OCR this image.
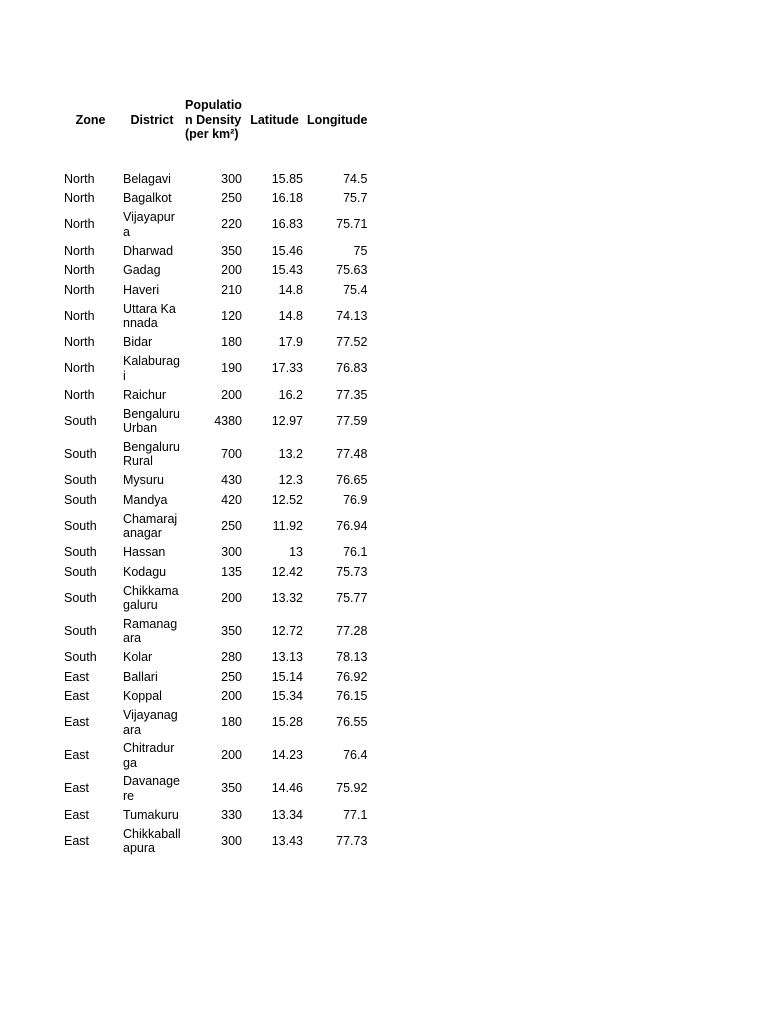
Zone	District	Population Density (per km²)	Latitude	Longitude

North	Belagavi	300	15.85	74.5
North	Bagalkot	250	16.18	75.7
North	Vijayapura	220	16.83	75.71
North	Dharwad	350	15.46	75
North	Gadag	200	15.43	75.63
North	Haveri	210	14.8	75.4
North	Uttara Kannada	120	14.8	74.13
North	Bidar	180	17.9	77.52
North	Kalaburagi	190	17.33	76.83
North	Raichur	200	16.2	77.35
South	Bengaluru Urban	4380	12.97	77.59
South	Bengaluru Rural	700	13.2	77.48
South	Mysuru	430	12.3	76.65
South	Mandya	420	12.52	76.9
South	Chamarajanagar	250	11.92	76.94
South	Hassan	300	13	76.1
South	Kodagu	135	12.42	75.73
South	Chikkamagaluru	200	13.32	75.77
South	Ramanagara	350	12.72	77.28
South	Kolar	280	13.13	78.13
East	Ballari	250	15.14	76.92
East	Koppal	200	15.34	76.15
East	Vijayanagara	180	15.28	76.55
East	Chitradurga	200	14.23	76.4
East	Davanagere	350	14.46	75.92
East	Tumakuru	330	13.34	77.1
East	Chikkaballapura	300	13.43	77.73
